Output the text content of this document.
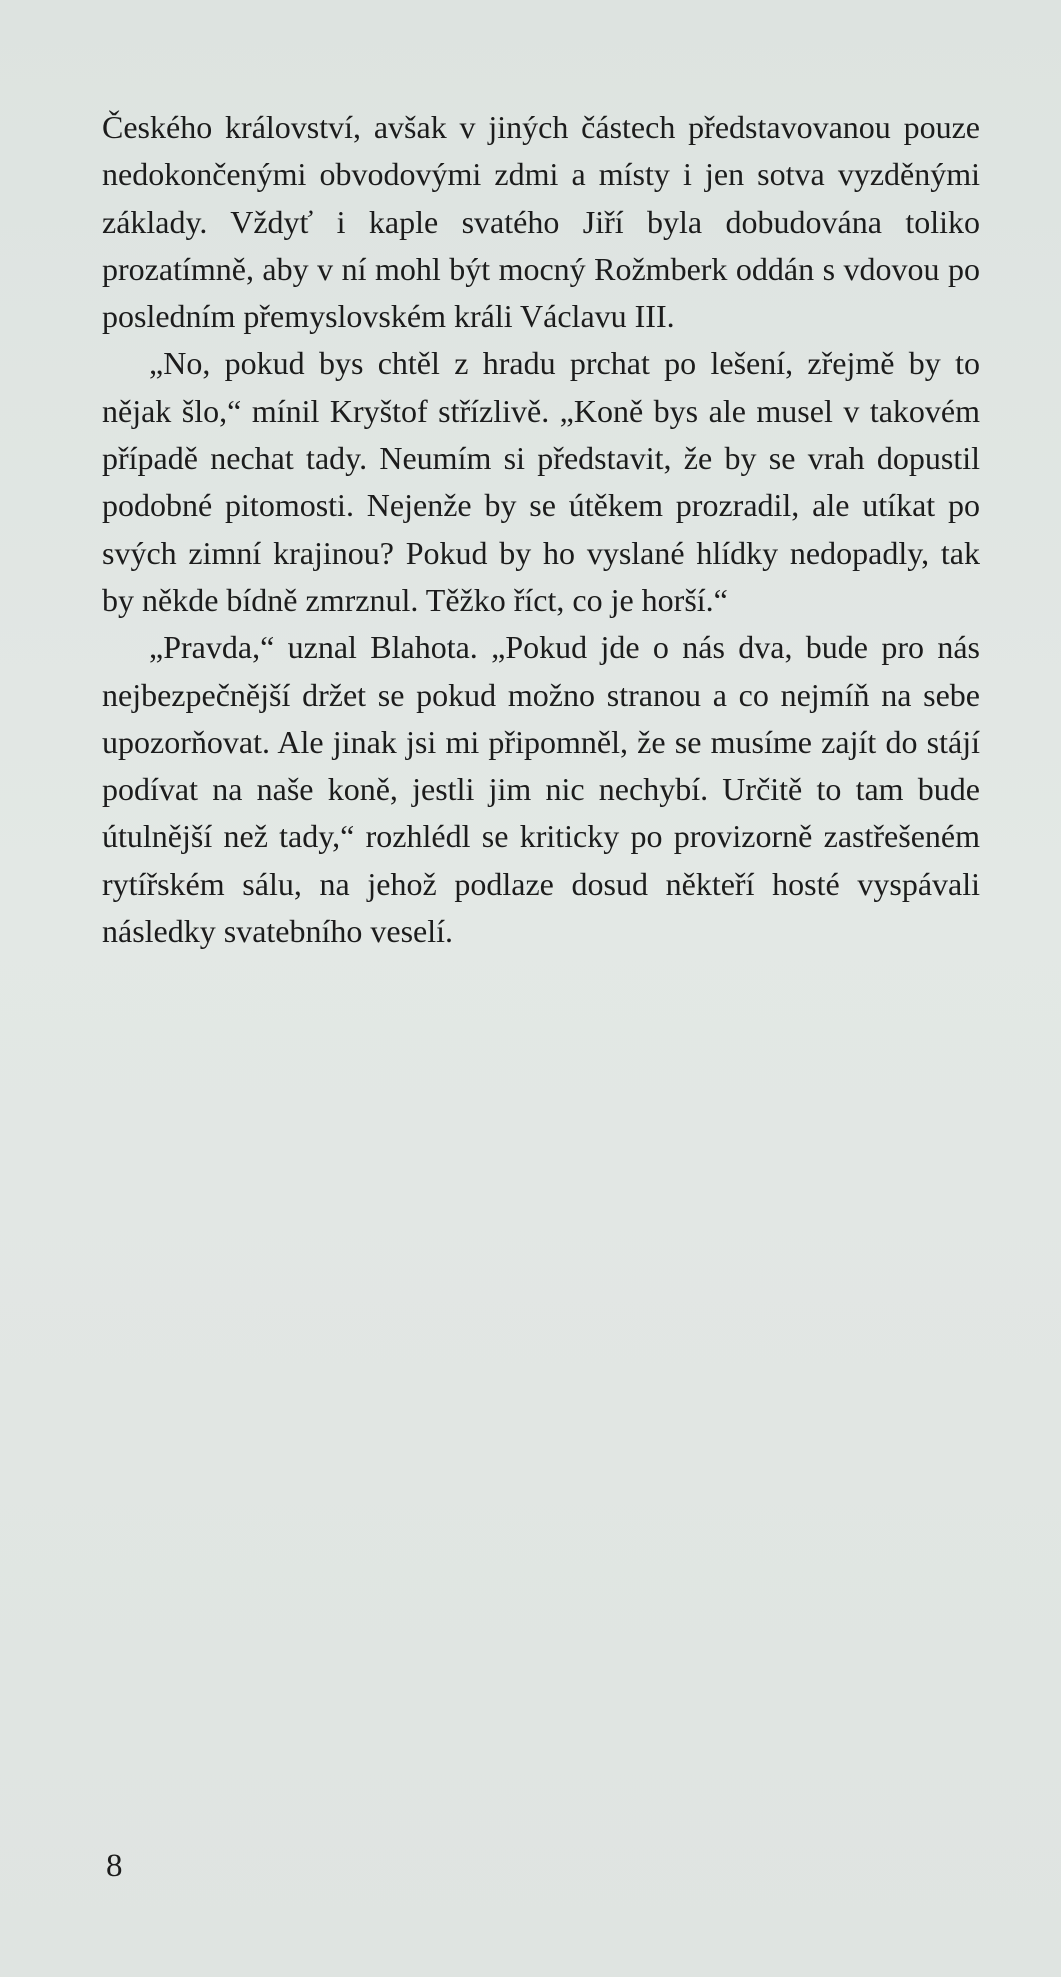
Českého království, avšak v jiných částech představovanou pouze nedokončenými obvodovými zdmi a místy i jen sotva vyzděnými základy. Vždyť i kaple svatého Jiří byla dobudována toliko prozatímně, aby v ní mohl být mocný Rožmberk oddán s vdovou po posledním přemyslovském králi Václavu III.

„No, pokud bys chtěl z hradu prchat po lešení, zřejmě by to nějak šlo,“ mínil Kryštof střízlivě. „Koně bys ale musel v takovém případě nechat tady. Neumím si představit, že by se vrah dopustil podobné pitomosti. Nejenže by se útěkem prozradil, ale utíkat po svých zimní krajinou? Pokud by ho vyslané hlídky nedopadly, tak by někde bídně zmrznul. Těžko říct, co je horší.“

„Pravda,“ uznal Blahota. „Pokud jde o nás dva, bude pro nás nejbezpečnější držet se pokud možno stranou a co nejmíň na sebe upozorňovat. Ale jinak jsi mi připomněl, že se musíme zajít do stájí podívat na naše koně, jestli jim nic nechybí. Určitě to tam bude útulnější než tady,“ rozhlédl se kriticky po provizorně zastřešeném rytířském sálu, na jehož podlaze dosud někteří hosté vyspávali následky svatebního veselí.

8
